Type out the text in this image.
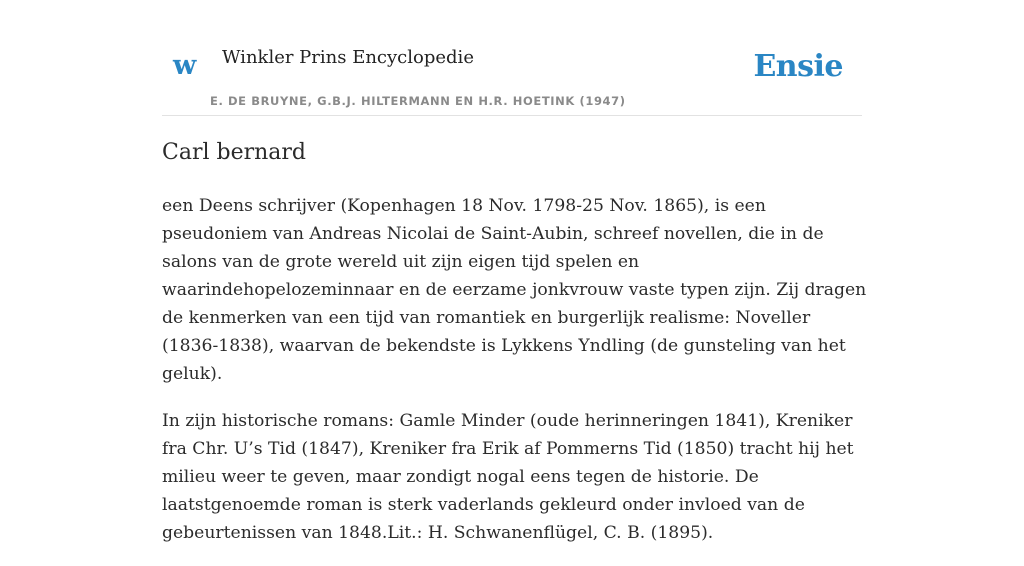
w Winkler Prins Encyclopedie
E. DE BRUYNE, G.B.J. HILTERMANN EN H.R. HOETINK (1947)
Ensie
Carl bernard

een Deens schrijver (Kopenhagen 18 Nov. 1798-25 Nov. 1865), is een pseudoniem van Andreas Nicolai de Saint-Aubin, schreef novellen, die in de salons van de grote wereld uit zijn eigen tijd spelen en waarindehopelozeminnaar en de eerzame jonkvrouw vaste typen zijn. Zij dragen de kenmerken van een tijd van romantiek en burgerlijk realisme: Noveller (1836-1838), waarvan de bekendste is Lykkens Yndling (de gunsteling van het geluk).

In zijn historische romans: Gamle Minder (oude herinneringen 1841), Kreniker fra Chr. U’s Tid (1847), Kreniker fra Erik af Pommerns Tid (1850) tracht hij het milieu weer te geven, maar zondigt nogal eens tegen de historie. De laatstgenoemde roman is sterk vaderlands gekleurd onder invloed van de gebeurtenissen van 1848.Lit.: H. Schwanenflügel, C. B. (1895).
